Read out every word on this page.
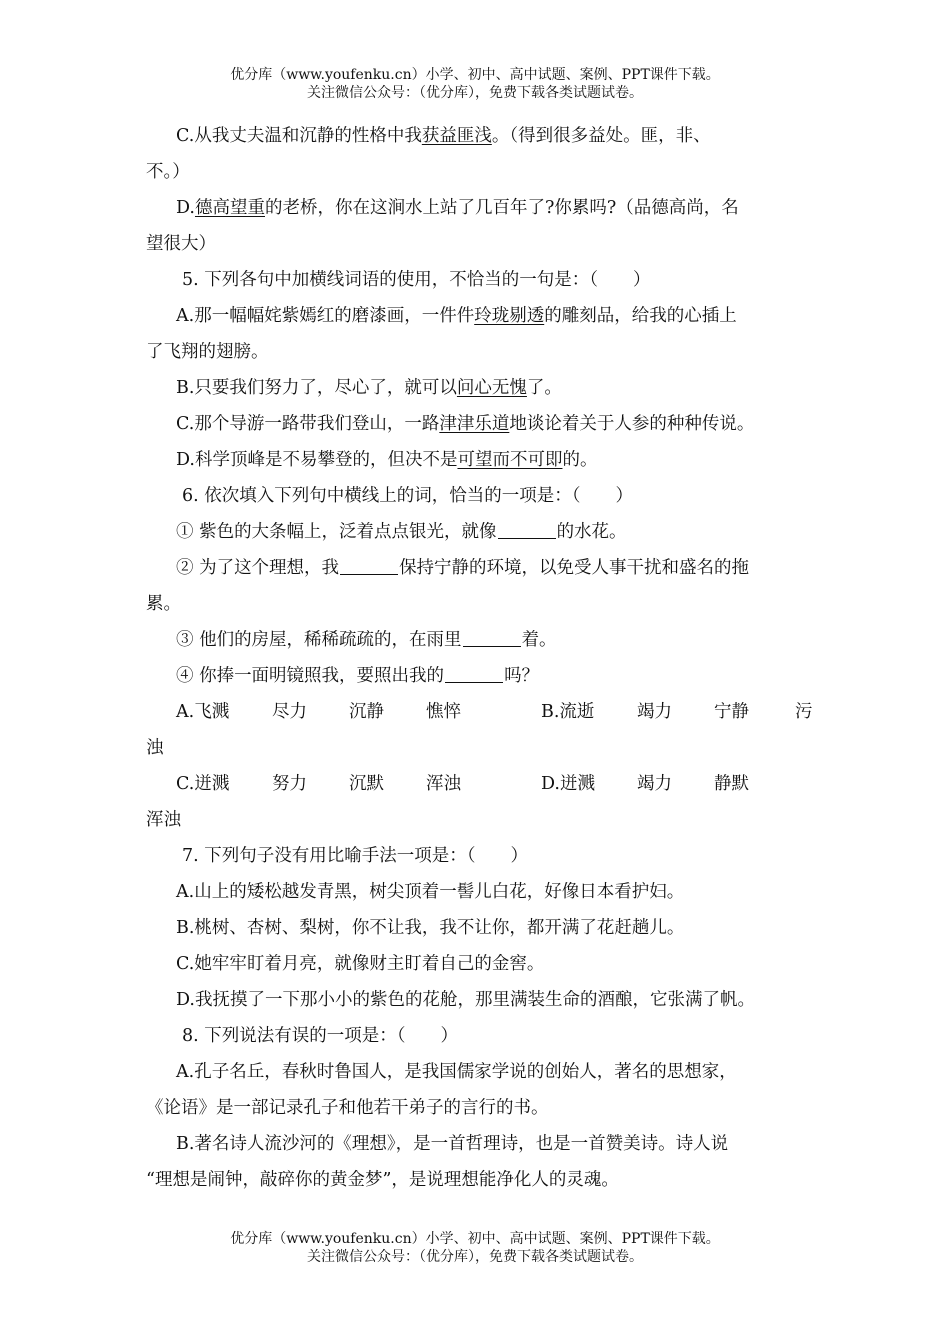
优分库（www.youfenku.cn）小学、初中、高中试题、案例、PPT课件下载。
关注微信公众号：（优分库），免费下载各类试题试卷。
C.从我丈夫温和沉静的性格中我获益匪浅。（得到很多益处。匪，非、
不。）
D.德高望重的老桥，你在这涧水上站了几百年了?你累吗?（品德高尚，名
望很大）
5. 下列各句中加横线词语的使用，不恰当的一句是：（　　）
A.那一幅幅姹紫嫣红的磨漆画，一件件玲珑剔透的雕刻品，给我的心插上
了飞翔的翅膀。
B.只要我们努力了，尽心了，就可以问心无愧了。
C.那个导游一路带我们登山，一路津津乐道地谈论着关于人参的种种传说。
D.科学顶峰是不易攀登的，但决不是可望而不可即的。
6. 依次填入下列句中横线上的词，恰当的一项是：（　　）
① 紫色的大条幅上，泛着点点银光，就像	的水花。
② 为了这个理想，我	保持宁静的环境，以免受人事干扰和盛名的拖
累。
③ 他们的房屋，稀稀疏疏的，在雨里	着。
④ 你捧一面明镜照我，要照出我的	吗？
A.飞溅 尽力 沉静 憔悴	B.流逝 竭力 宁静	污
浊
C.迸溅 努力 沉默 浑浊	D.迸溅 竭力 静默
浑浊
7. 下列句子没有用比喻手法一项是：（　　）
A.山上的矮松越发青黑，树尖顶着一髻儿白花，好像日本看护妇。
B.桃树、杏树、梨树，你不让我，我不让你，都开满了花赶趟儿。
C.她牢牢盯着月亮，就像财主盯着自己的金窖。
D.我抚摸了一下那小小的紫色的花舱，那里满装生命的酒酿，它张满了帆。
8. 下列说法有误的一项是：（　　）
A.孔子名丘，春秋时鲁国人，是我国儒家学说的创始人，著名的思想家，
《论语》是一部记录孔子和他若干弟子的言行的书。
B.著名诗人流沙河的《理想》，是一首哲理诗，也是一首赞美诗。诗人说
“理想是闹钟，敲碎你的黄金梦”，是说理想能净化人的灵魂。
优分库（www.youfenku.cn）小学、初中、高中试题、案例、PPT课件下载。
关注微信公众号：（优分库），免费下载各类试题试卷。
